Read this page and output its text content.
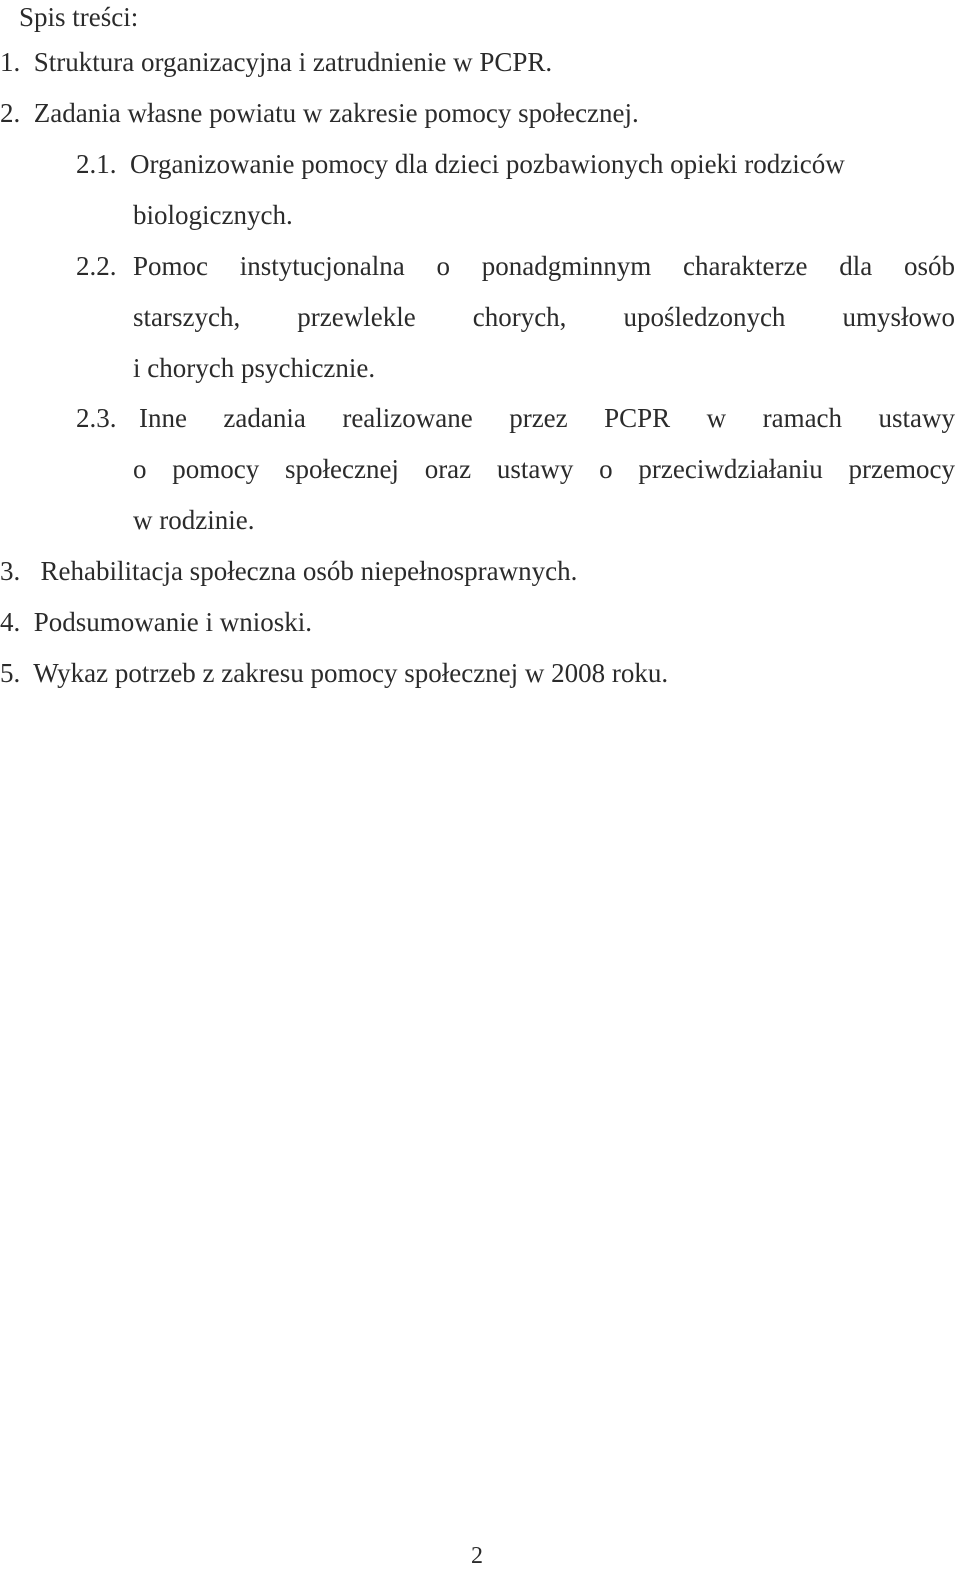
Spis treści:
1. Struktura organizacyjna i zatrudnienie w PCPR.
2. Zadania własne powiatu w zakresie pomocy społecznej.
2.1. Organizowanie pomocy dla dzieci pozbawionych opieki rodziców
biologicznych.
2.2. Pomoc instytucjonalna o ponadgminnym charakterze dla osób
starszych, przewlekle chorych, upośledzonych umysłowo
i chorych psychicznie.
2.3. Inne zadania realizowane przez PCPR w ramach ustawy
o pomocy społecznej oraz ustawy o przeciwdziałaniu przemocy
w rodzinie.
3. Rehabilitacja społeczna osób niepełnosprawnych.
4. Podsumowanie i wnioski.
5. Wykaz potrzeb z zakresu pomocy społecznej w 2008 roku.
2
